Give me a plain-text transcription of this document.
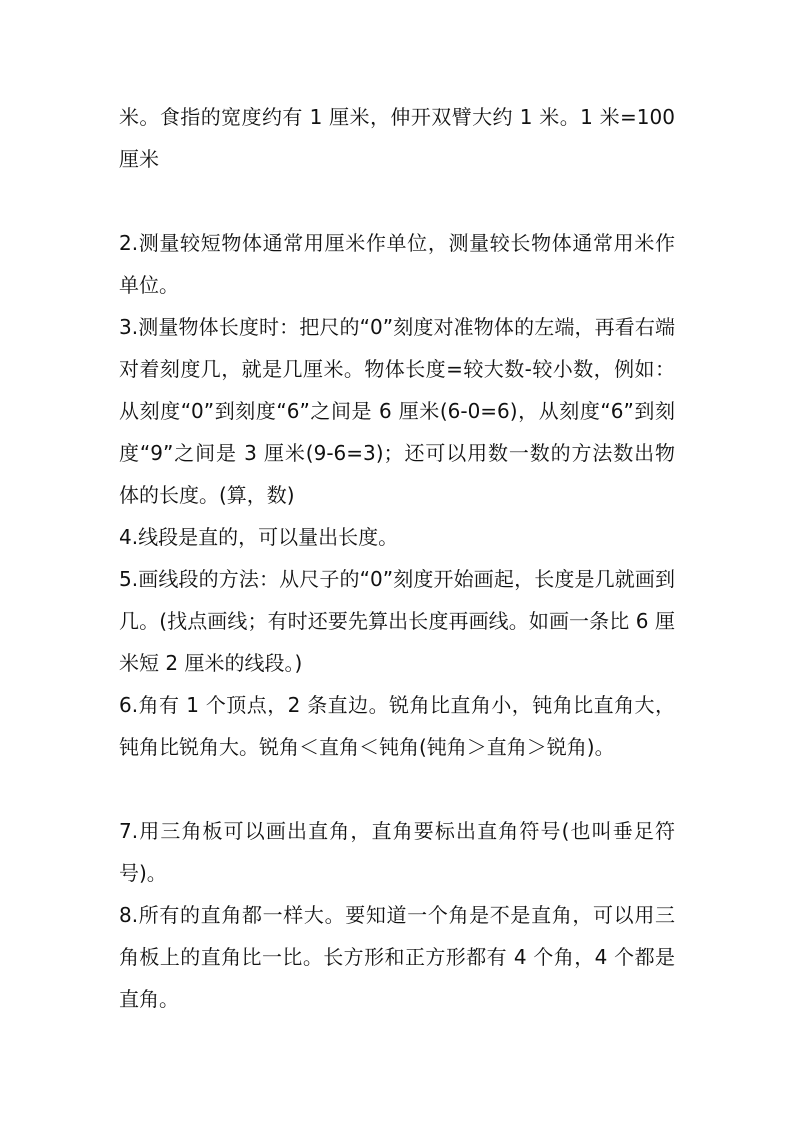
米。食指的宽度约有 1 厘米，伸开双臂大约 1 米。1 米=100 厘米

2.测量较短物体通常用厘米作单位，测量较长物体通常用米作单位。

3.测量物体长度时：把尺的“0”刻度对准物体的左端，再看右端对着刻度几，就是几厘米。物体长度=较大数-较小数，例如：从刻度“0”到刻度“6”之间是 6 厘米(6-0=6)，从刻度“6”到刻度“9”之间是 3 厘米(9-6=3)；还可以用数一数的方法数出物体的长度。(算，数)

4.线段是直的，可以量出长度。

5.画线段的方法：从尺子的“0”刻度开始画起，长度是几就画到几。(找点画线；有时还要先算出长度再画线。如画一条比 6 厘米短 2 厘米的线段。)

6.角有 1 个顶点，2 条直边。锐角比直角小，钝角比直角大，钝角比锐角大。锐角＜直角＜钝角(钝角＞直角＞锐角)。

7.用三角板可以画出直角，直角要标出直角符号(也叫垂足符号)。

8.所有的直角都一样大。要知道一个角是不是直角，可以用三角板上的直角比一比。长方形和正方形都有 4 个角，4 个都是直角。
